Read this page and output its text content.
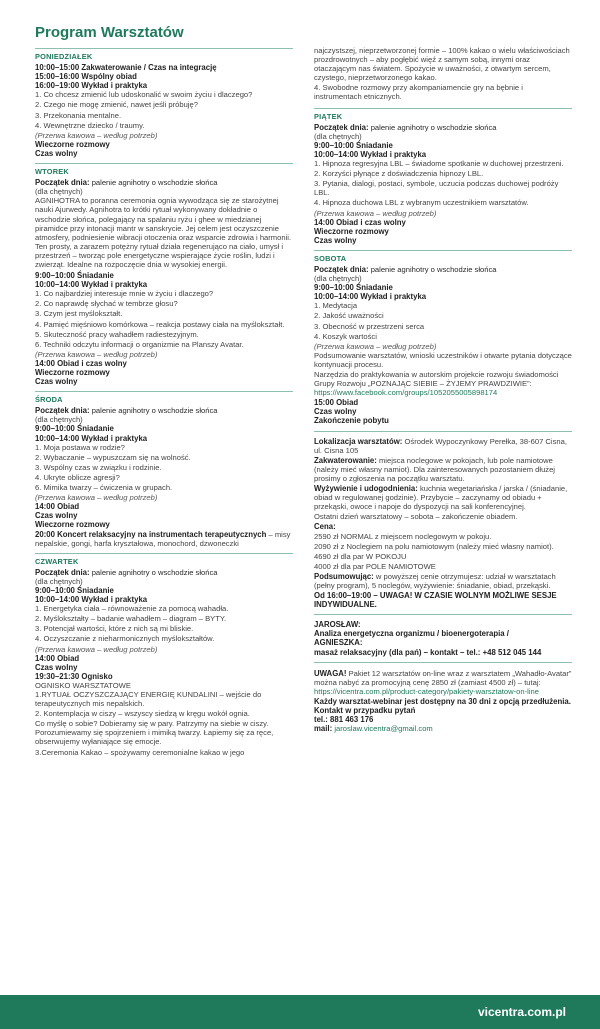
Program Warsztatów
PONIEDZIAŁEK
10:00–15:00 Zakwaterowanie / Czas na integrację
15:00–16:00 Wspólny obiad
16:00–19:00 Wykład i praktyka
1. Co chcesz zmienić lub udoskonalić w swoim życiu i dlaczego?
2. Czego nie mogę zmienić, nawet jeśli próbuję?
3. Przekonania mentalne.
4. Wewnętrzne dziecko / traumy.
(Przerwa kawowa – według potrzeb)
Wieczorne rozmowy
Czas wolny
WTOREK
Początek dnia: palenie agnihotry o wschodzie słońca
(dla chętnych)
AGNIHOTRA to poranna ceremonia ognia wywodząca się ze starożytnej nauki Ajurwedy. Agnihotra to krótki rytuał wykonywany dokładnie o wschodzie słońca, polegający na spalaniu ryżu i ghee w miedzianej piramidce przy intonacji mantr w sanskrycie. Jej celem jest oczyszczenie atmosfery, podniesienie wibracji otoczenia oraz wsparcie zdrowia i harmonii. Ten prosty, a zarazem potężny rytuał działa regenerująco na ciało, umysł i przestrzeń – tworząc pole energetyczne wspierające życie roślin, ludzi i zwierząt. Idealne na rozpoczęcie dnia w wysokiej energii.
9:00–10:00 Śniadanie
10:00–14:00 Wykład i praktyka
1. Co najbardziej interesuje mnie w życiu i dlaczego?
2. Co naprawdę słychać w tembrze głosu?
3. Czym jest myślokształt.
4. Pamięć mięśniowo komórkowa – reakcja postawy ciała na myślokształt.
5. Skuteczność pracy wahadłem radiestezyjnym.
6. Techniki odczytu informacji o organizmie na Planszy Avatar.
(Przerwa kawowa – według potrzeb)
14:00 Obiad i czas wolny
Wieczorne rozmowy
Czas wolny
ŚRODA
Początek dnia: palenie agnihotry o wschodzie słońca
(dla chętnych)
9:00–10:00 Śniadanie
10:00–14:00 Wykład i praktyka
1. Moja postawa w rodzie?
2. Wybaczanie – wypuszczam się na wolność.
3. Wspólny czas w związku i rodzinie.
4. Ukryte oblicze agresji?
6. Mimika twarzy – ćwiczenia w grupach.
(Przerwa kawowa – według potrzeb)
14:00 Obiad
Czas wolny
Wieczorne rozmowy
20:00 Koncert relaksacyjny na instrumentach terapeutycznych – misy nepalskie, gongi, harfa kryształowa, monochord, dzwoneczki
CZWARTEK
Początek dnia: palenie agnihotry o wschodzie słońca
(dla chętnych)
9:00–10:00 Śniadanie
10:00–14:00 Wykład i praktyka
1. Energetyka ciała – równoważenie za pomocą wahadła.
2. Myślokształty – badanie wahadłem – diagram – BYTY.
3. Potencjał wartości, które z nich są mi bliskie.
4. Oczyszczanie z nieharmonicznych myślokształtów.
(Przerwa kawowa – według potrzeb)
14:00 Obiad
Czas wolny
19:30–21:30 Ognisko
OGNISKO WARSZTATOWE
1.RYTUAŁ OCZYSZCZAJĄCY ENERGIĘ KUNDALINI – wejście do terapeutycznych mis nepalskich.
2. Kontemplacja w ciszy – wszyscy siedzą w kręgu wokół ognia.
Co myślę o sobie? Dobieramy się w pary. Patrzymy na siebie w ciszy. Porozumiewamy się spojrzeniem i mimiką twarzy. Łapiemy się za ręce, obserwujemy wyłaniające się emocje.
3.Ceremonia Kakao – spożywamy ceremonialne kakao w jego
najczystszej, nieprzetworzonej formie – 100% kakao o wielu właściwościach prozdrowotnych – aby pogłębić więź z samym sobą, innymi oraz otaczającym nas światem. Spożycie w uważności, z otwartym sercem, czystego, nieprzetworzonego kakao.
4. Swobodne rozmowy przy akompaniamencie gry na bębnie i instrumentach etnicznych.
PIĄTEK
Początek dnia: palenie agnihotry o wschodzie słońca
(dla chętnych)
9:00–10:00 Śniadanie
10:00–14:00 Wykład i praktyka
1. Hipnoza regresyjna LBL – świadome spotkanie w duchowej przestrzeni.
2. Korzyści płynące z doświadczenia hipnozy LBL.
3. Pytania, dialogi, postaci, symbole, uczucia podczas duchowej podróży LBL.
4. Hipnoza duchowa LBL z wybranym uczestnikiem warsztatów.
(Przerwa kawowa – według potrzeb)
14:00 Obiad i czas wolny
Wieczorne rozmowy
Czas wolny
SOBOTA
Początek dnia: palenie agnihotry o wschodzie słońca
(dla chętnych)
9:00–10:00 Śniadanie
10:00–14:00 Wykład i praktyka
1. Medytacja
2. Jakość uważności
3. Obecność w przestrzeni serca
4. Koszyk wartości
(Przerwa kawowa – według potrzeb)
Podsumowanie warsztatów, wnioski uczestników i otwarte pytania dotyczące kontynuacji procesu.
Narzędzia do praktykowania w autorskim projekcie rozwoju świadomości Grupy Rozwoju „POZNAJĄC SIEBIE – ŻYJEMY PRAWDZIWIE”: https://www.facebook.com/groups/1052055005898174
15:00 Obiad
Czas wolny
Zakończenie pobytu
Lokalizacja warsztatów: Ośrodek Wypoczynkowy Perełka, 38-607 Cisna, ul. Cisna 105
Zakwaterowanie: miejsca noclegowe w pokojach, lub pole namiotowe (należy mieć własny namiot). Dla zainteresowanych pozostaniem dłużej prosimy o zgłoszenia na początku warsztatu.
Wyżywienie i udogodnienia: kuchnia wegetariańska / jarska / (śniadanie, obiad w regulowanej godzinie). Przybycie – zaczynamy od obiadu + przekąski, owoce i napoje do dyspozycji na sali konferencyjnej.
Ostatni dzień warsztatowy – sobota – zakończenie obiadem.
Cena:
2590 zł NORMAL z miejscem noclegowym w pokoju.
2090 zł z Noclegiem na polu namiotowym (należy mieć własny namiot).
4690 zł dla par W POKOJU
4000 zł dla par POLE NAMIOTOWE
Podsumowując: w powyższej cenie otrzymujesz: udział w warsztatach (pełny program), 5 noclegów, wyżywienie: śniadanie, obiad, przekąski.
Od 16:00–19:00 – UWAGA! W CZASIE WOLNYM MOŻLIWE SESJE INDYWIDUALNE.
JAROSŁAW:
Analiza energetyczna organizmu / bioenergoterapia /
AGNIESZKA:
masaż relaksacyjny (dla pań) – kontakt – tel.: +48 512 045 144
UWAGA! Pakiet 12 warsztatów on-line wraz z warsztatem „Wahadło-Avatar” można nabyć za promocyjną cenę 2850 zł (zamiast 4500 zł) – tutaj: https://vicentra.com.pl/product-category/pakiety-warsztatow-on-line
Każdy warsztat-webinar jest dostępny na 30 dni z opcją przedłużenia.
Kontakt w przypadku pytań
tel.: 881 463 176
mail: jaroslaw.vicentra@gmail.com
vicentra.com.pl
